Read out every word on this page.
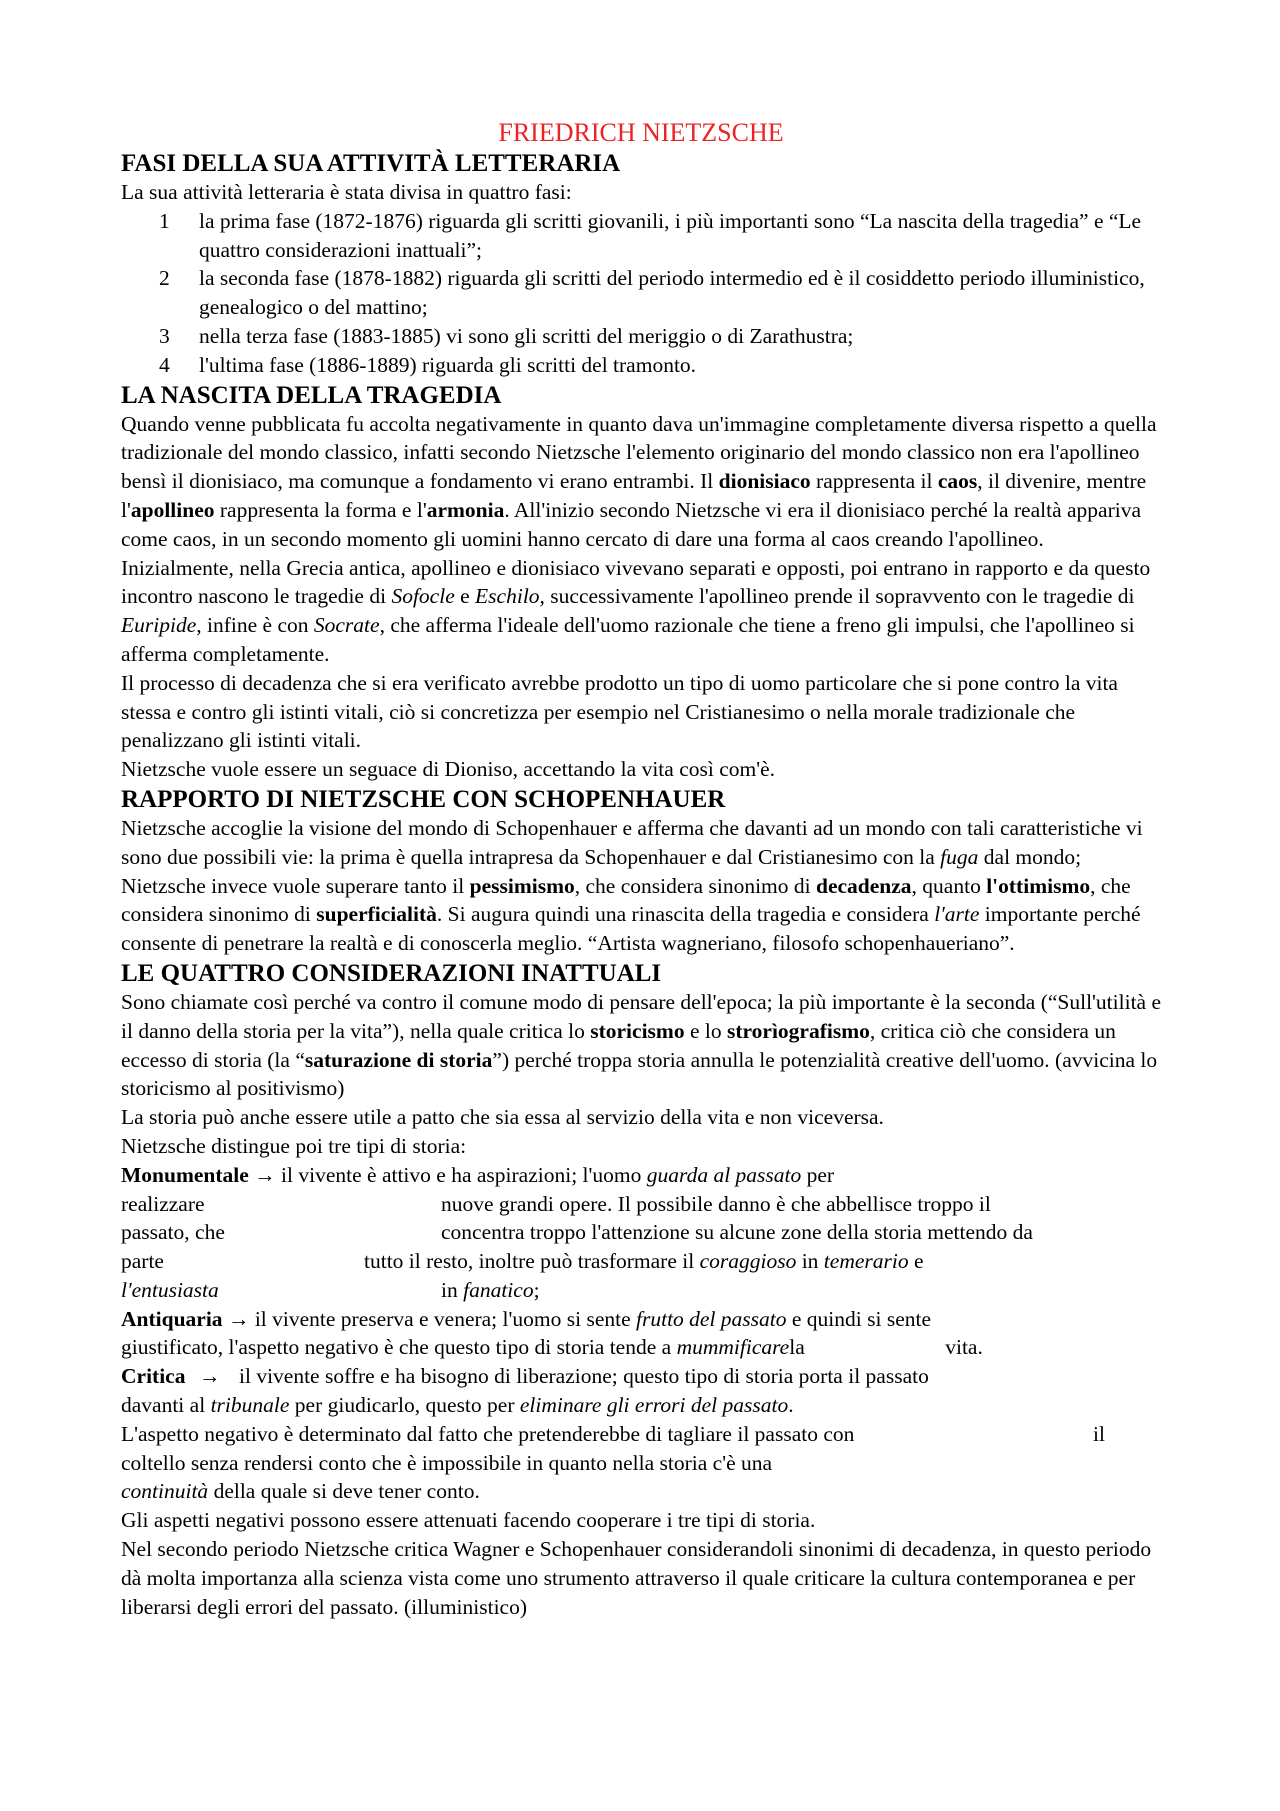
FRIEDRICH NIETZSCHE
FASI DELLA SUA ATTIVITÀ LETTERARIA

La sua attività letteraria è stata divisa in quattro fasi:

1 la prima fase (1872-1876) riguarda gli scritti giovanili, i più importanti sono “La nascita della tragedia” e “Le quattro considerazioni inattuali”;
2 la seconda fase (1878-1882) riguarda gli scritti del periodo intermedio ed è il cosiddetto periodo illuministico, genealogico o del mattino;
3 nella terza fase (1883-1885) vi sono gli scritti del meriggio o di Zarathustra;
4 l'ultima fase (1886-1889) riguarda gli scritti del tramonto.
LA NASCITA DELLA TRAGEDIA

Quando venne pubblicata fu accolta negativamente in quanto dava un'immagine completamente diversa rispetto a quella tradizionale del mondo classico, infatti secondo Nietzsche l'elemento originario del mondo classico non era l'apollineo bensì il dionisiaco, ma comunque a fondamento vi erano entrambi. Il dionisiaco rappresenta il caos, il divenire, mentre l'apollineo rappresenta la forma e l'armonia. All'inizio secondo Nietzsche vi era il dionisiaco perché la realtà appariva come caos, in un secondo momento gli uomini hanno cercato di dare una forma al caos creando l'apollineo. Inizialmente, nella Grecia antica, apollineo e dionisiaco vivevano separati e opposti, poi entrano in rapporto e da questo incontro nascono le tragedie di Sofocle e Eschilo, successivamente l'apollineo prende il sopravvento con le tragedie di Euripide, infine è con Socrate, che afferma l'ideale dell'uomo razionale che tiene a freno gli impulsi, che l'apollineo si afferma completamente.

Il processo di decadenza che si era verificato avrebbe prodotto un tipo di uomo particolare che si pone contro la vita stessa e contro gli istinti vitali, ciò si concretizza per esempio nel Cristianesimo o nella morale tradizionale che penalizzano gli istinti vitali.

Nietzsche vuole essere un seguace di Dioniso, accettando la vita così com'è.

RAPPORTO DI NIETZSCHE CON SCHOPENHAUER

Nietzsche accoglie la visione del mondo di Schopenhauer e afferma che davanti ad un mondo con tali caratteristiche vi sono due possibili vie: la prima è quella intrapresa da Schopenhauer e dal Cristianesimo con la fuga dal mondo; Nietzsche invece vuole superare tanto il pessimismo, che considera sinonimo di decadenza, quanto l'ottimismo, che considera sinonimo di superficialità. Si augura quindi una rinascita della tragedia e considera l'arte importante perché consente di penetrare la realtà e di conoscerla meglio. “Artista wagneriano, filosofo schopenhaueriano”.

LE QUATTRO CONSIDERAZIONI INATTUALI

Sono chiamate così perché va contro il comune modo di pensare dell'epoca; la più importante è la seconda (“Sull'utilità e il danno della storia per la vita”), nella quale critica lo storicismo e lo strorìografismo, critica ciò che considera un eccesso di storia (la “saturazione di storia”) perché troppa storia annulla le potenzialità creative dell'uomo. (avvicina lo storicismo al positivismo)

La storia può anche essere utile a patto che sia essa al servizio della vita e non viceversa.

Nietzsche distingue poi tre tipi di storia:

Monumentale → il vivente è attivo e ha aspirazioni; l'uomo guarda al passato per

realizzare	nuove grandi opere. Il possibile danno è che abbellisce troppo il

passato, che	concentra troppo l'attenzione su alcune zone della storia mettendo da

parte	tutto il resto, inoltre può trasformare il coraggioso in temerario e

l'entusiasta	in fanatico;

Antiquaria → il vivente preserva e venera; l'uomo si sente frutto del passato e quindi si sente

giustificato, l'aspetto negativo è che questo tipo di storia tende a mummificarela	vita.

Critica → il vivente soffre e ha bisogno di liberazione; questo tipo di storia porta il passato

davanti al tribunale per giudicarlo, questo per eliminare gli errori del passato.

L'aspetto negativo è determinato dal fatto che pretenderebbe di tagliare il passato con	il

coltello senza rendersi conto che è impossibile in quanto nella storia c'è una

continuità della quale si deve tener conto.

Gli aspetti negativi possono essere attenuati facendo cooperare i tre tipi di storia.

Nel secondo periodo Nietzsche critica Wagner e Schopenhauer considerandoli sinonimi di decadenza, in questo periodo dà molta importanza alla scienza vista come uno strumento attraverso il quale criticare la cultura contemporanea e per liberarsi degli errori del passato. (illuministico)
